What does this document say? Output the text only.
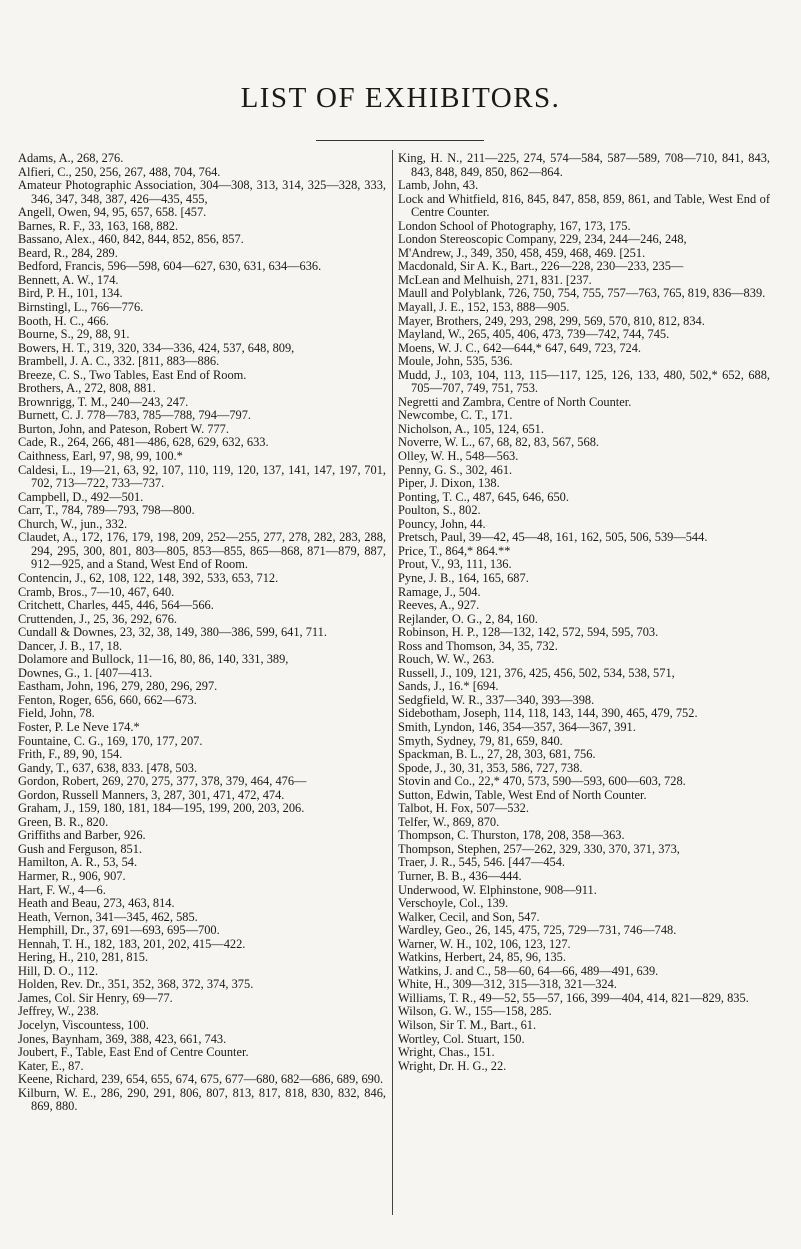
LIST OF EXHIBITORS.
Adams, A., 268, 276.
Alfieri, C., 250, 256, 267, 488, 704, 764.
Amateur Photographic Association, 304—308, 313, 314, 325—328, 333, 346, 347, 348, 387, 426—435, 455,
Angell, Owen, 94, 95, 657, 658. [457.
Barnes, R. F., 33, 163, 168, 882.
Bassano, Alex., 460, 842, 844, 852, 856, 857.
Beard, R., 284, 289.
Bedford, Francis, 596—598, 604—627, 630, 631, 634—636.
Bennett, A. W., 174.
Bird, P. H., 101, 134.
Birnstingl, L., 766—776.
Booth, H. C., 466.
Bourne, S., 29, 88, 91.
Bowers, H. T., 319, 320, 334—336, 424, 537, 648, 809,
Brambell, J. A. C., 332. [811, 883—886.
Breeze, C. S., Two Tables, East End of Room.
Brothers, A., 272, 808, 881.
Brownrigg, T. M., 240—243, 247.
Burnett, C. J. 778—783, 785—788, 794—797.
Burton, John, and Pateson, Robert W. 777.
Cade, R., 264, 266, 481—486, 628, 629, 632, 633.
Caithness, Earl, 97, 98, 99, 100.*
Caldesi, L., 19—21, 63, 92, 107, 110, 119, 120, 137, 141, 147, 197, 701, 702, 713—722, 733—737.
Campbell, D., 492—501.
Carr, T., 784, 789—793, 798—800.
Church, W., jun., 332.
Claudet, A., 172, 176, 179, 198, 209, 252—255, 277, 278, 282, 283, 288, 294, 295, 300, 801, 803—805, 853—855, 865—868, 871—879, 887, 912—925, and a Stand, West End of Room.
Contencin, J., 62, 108, 122, 148, 392, 533, 653, 712.
Cramb, Bros., 7—10, 467, 640.
Critchett, Charles, 445, 446, 564—566.
Cruttenden, J., 25, 36, 292, 676.
Cundall & Downes, 23, 32, 38, 149, 380—386, 599, 641, 711.
Dancer, J. B., 17, 18.
Dolamore and Bullock, 11—16, 80, 86, 140, 331, 389,
Downes, G., 1. [407—413.
Eastham, John, 196, 279, 280, 296, 297.
Fenton, Roger, 656, 660, 662—673.
Field, John, 78.
Foster, P. Le Neve 174.*
Fountaine, C. G., 169, 170, 177, 207.
Frith, F., 89, 90, 154.
Gandy, T., 637, 638, 833. [478, 503.
Gordon, Robert, 269, 270, 275, 377, 378, 379, 464, 476—
Gordon, Russell Manners, 3, 287, 301, 471, 472, 474.
Graham, J., 159, 180, 181, 184—195, 199, 200, 203, 206.
Green, B. R., 820.
Griffiths and Barber, 926.
Gush and Ferguson, 851.
Hamilton, A. R., 53, 54.
Harmer, R., 906, 907.
Hart, F. W., 4—6.
Heath and Beau, 273, 463, 814.
Heath, Vernon, 341—345, 462, 585.
Hemphill, Dr., 37, 691—693, 695—700.
Hennah, T. H., 182, 183, 201, 202, 415—422.
Hering, H., 210, 281, 815.
Hill, D. O., 112.
Holden, Rev. Dr., 351, 352, 368, 372, 374, 375.
James, Col. Sir Henry, 69—77.
Jeffrey, W., 238.
Jocelyn, Viscountess, 100.
Jones, Baynham, 369, 388, 423, 661, 743.
Joubert, F., Table, East End of Centre Counter.
Kater, E., 87.
Keene, Richard, 239, 654, 655, 674, 675, 677—680, 682—686, 689, 690.
Kilburn, W. E., 286, 290, 291, 806, 807, 813, 817, 818, 830, 832, 846, 869, 880.
King, H. N., 211—225, 274, 574—584, 587—589, 708—710, 841, 843, 843, 848, 849, 850, 862—864.
Lamb, John, 43.
Lock and Whitfield, 816, 845, 847, 858, 859, 861, and Table, West End of Centre Counter.
London School of Photography, 167, 173, 175.
London Stereoscopic Company, 229, 234, 244—246, 248,
M'Andrew, J., 349, 350, 458, 459, 468, 469. [251.
Macdonald, Sir A. K., Bart., 226—228, 230—233, 235—
McLean and Melhuish, 271, 831. [237.
Maull and Polyblank, 726, 750, 754, 755, 757—763, 765, 819, 836—839.
Mayall, J. E., 152, 153, 888—905.
Mayer, Brothers, 249, 293, 298, 299, 569, 570, 810, 812, 834.
Mayland, W., 265, 405, 406, 473, 739—742, 744, 745.
Moens, W. J. C., 642—644,* 647, 649, 723, 724.
Moule, John, 535, 536.
Mudd, J., 103, 104, 113, 115—117, 125, 126, 133, 480, 502,* 652, 688, 705—707, 749, 751, 753.
Negretti and Zambra, Centre of North Counter.
Newcombe, C. T., 171.
Nicholson, A., 105, 124, 651.
Noverre, W. L., 67, 68, 82, 83, 567, 568.
Olley, W. H., 548—563.
Penny, G. S., 302, 461.
Piper, J. Dixon, 138.
Ponting, T. C., 487, 645, 646, 650.
Poulton, S., 802.
Pouncy, John, 44.
Pretsch, Paul, 39—42, 45—48, 161, 162, 505, 506, 539—544.
Price, T., 864,* 864.**
Prout, V., 93, 111, 136.
Pyne, J. B., 164, 165, 687.
Ramage, J., 504.
Reeves, A., 927.
Rejlander, O. G., 2, 84, 160.
Robinson, H. P., 128—132, 142, 572, 594, 595, 703.
Ross and Thomson, 34, 35, 732.
Rouch, W. W., 263.
Russell, J., 109, 121, 376, 425, 456, 502, 534, 538, 571,
Sands, J., 16.* [694.
Sedgfield, W. R., 337—340, 393—398.
Sidebotham, Joseph, 114, 118, 143, 144, 390, 465, 479, 752.
Smith, Lyndon, 146, 354—357, 364—367, 391.
Smyth, Sydney, 79, 81, 659, 840.
Spackman, B. L., 27, 28, 303, 681, 756.
Spode, J., 30, 31, 353, 586, 727, 738.
Stovin and Co., 22,* 470, 573, 590—593, 600—603, 728.
Sutton, Edwin, Table, West End of North Counter.
Talbot, H. Fox, 507—532.
Telfer, W., 869, 870.
Thompson, C. Thurston, 178, 208, 358—363.
Thompson, Stephen, 257—262, 329, 330, 370, 371, 373,
Traer, J. R., 545, 546. [447—454.
Turner, B. B., 436—444.
Underwood, W. Elphinstone, 908—911.
Verschoyle, Col., 139.
Walker, Cecil, and Son, 547.
Wardley, Geo., 26, 145, 475, 725, 729—731, 746—748.
Warner, W. H., 102, 106, 123, 127.
Watkins, Herbert, 24, 85, 96, 135.
Watkins, J. and C., 58—60, 64—66, 489—491, 639.
White, H., 309—312, 315—318, 321—324.
Williams, T. R., 49—52, 55—57, 166, 399—404, 414, 821—829, 835.
Wilson, G. W., 155—158, 285.
Wilson, Sir T. M., Bart., 61.
Wortley, Col. Stuart, 150.
Wright, Chas., 151.
Wright, Dr. H. G., 22.
